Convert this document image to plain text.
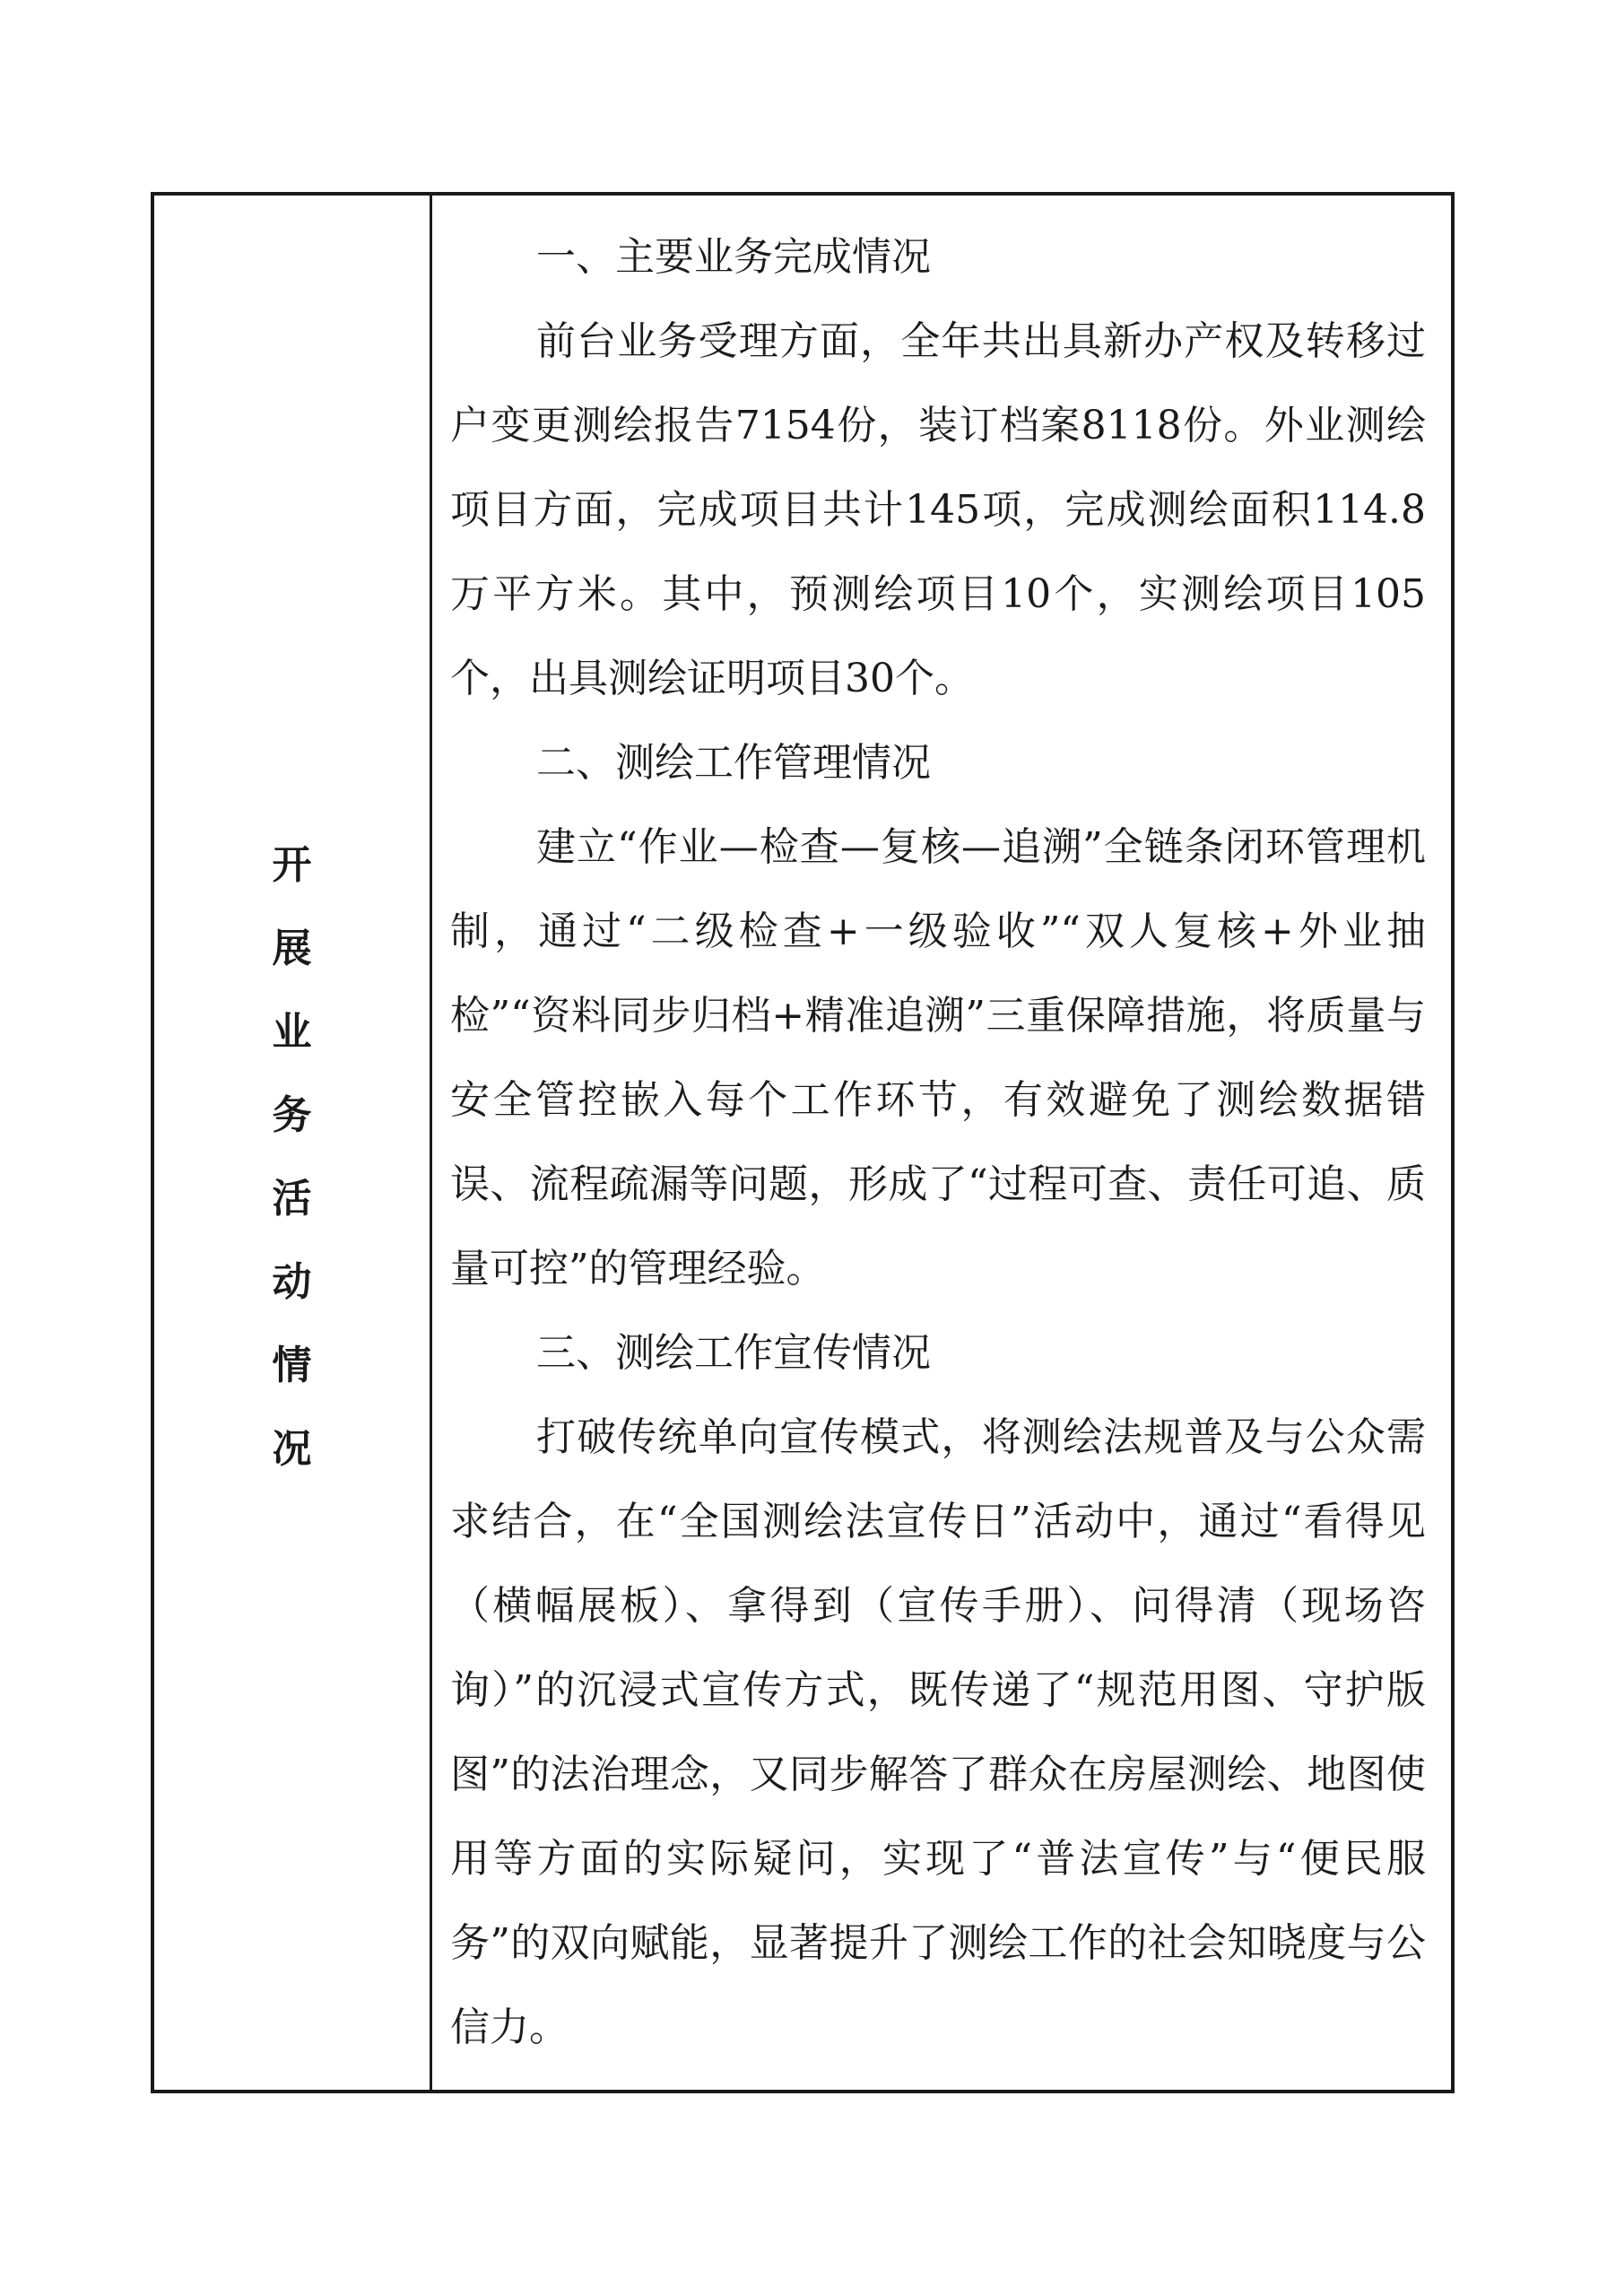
开
展
业
务
活
动
情
况
一、主要业务完成情况

前台业务受理方面，全年共出具新办产权及转移过户变更测绘报告7154份，装订档案8118份。外业测绘项目方面，完成项目共计145项，完成测绘面积114.8万平方米。其中，预测绘项目10个，实测绘项目105个，出具测绘证明项目30个。

二、测绘工作管理情况

建立“作业—检查—复核—追溯”全链条闭环管理机制，通过“二级检查+一级验收”“双人复核+外业抽检”“资料同步归档+精准追溯”三重保障措施，将质量与安全管控嵌入每个工作环节，有效避免了测绘数据错误、流程疏漏等问题，形成了“过程可查、责任可追、质量可控”的管理经验。

三、测绘工作宣传情况

打破传统单向宣传模式，将测绘法规普及与公众需求结合，在“全国测绘法宣传日”活动中，通过“看得见（横幅展板）、拿得到（宣传手册）、问得清（现场咨询）”的沉浸式宣传方式，既传递了“规范用图、守护版图”的法治理念，又同步解答了群众在房屋测绘、地图使用等方面的实际疑问，实现了“普法宣传”与“便民服务”的双向赋能，显著提升了测绘工作的社会知晓度与公信力。
